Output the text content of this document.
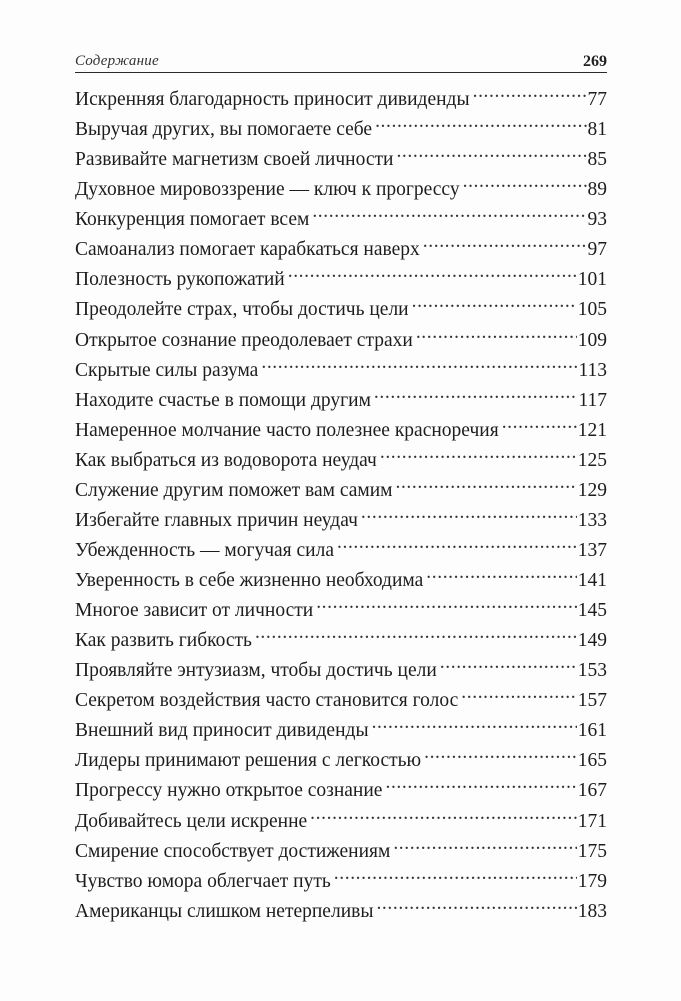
Содержание	269
Искренняя благодарность приносит дивиденды .....	77
Выручая других, вы помогаете себе .....	81
Развивайте магнетизм своей личности .....	85
Духовное мировоззрение — ключ к прогрессу .....	89
Конкуренция помогает всем .....	93
Самоанализ помогает карабкаться наверх .....	97
Полезность рукопожатий .....	101
Преодолейте страх, чтобы достичь цели .....	105
Открытое сознание преодолевает страхи .....	109
Скрытые силы разума .....	113
Находите счастье в помощи другим .....	117
Намеренное молчание часто полезнее красноречия .....	121
Как выбраться из водоворота неудач .....	125
Служение другим поможет вам самим .....	129
Избегайте главных причин неудач .....	133
Убежденность — могучая сила .....	137
Уверенность в себе жизненно необходима .....	141
Многое зависит от личности .....	145
Как развить гибкость .....	149
Проявляйте энтузиазм, чтобы достичь цели .....	153
Секретом воздействия часто становится голос .....	157
Внешний вид приносит дивиденды .....	161
Лидеры принимают решения с легкостью .....	165
Прогрессу нужно открытое сознание .....	167
Добивайтесь цели искренне .....	171
Смирение способствует достижениям .....	175
Чувство юмора облегчает путь .....	179
Американцы слишком нетерпеливы .....	183
